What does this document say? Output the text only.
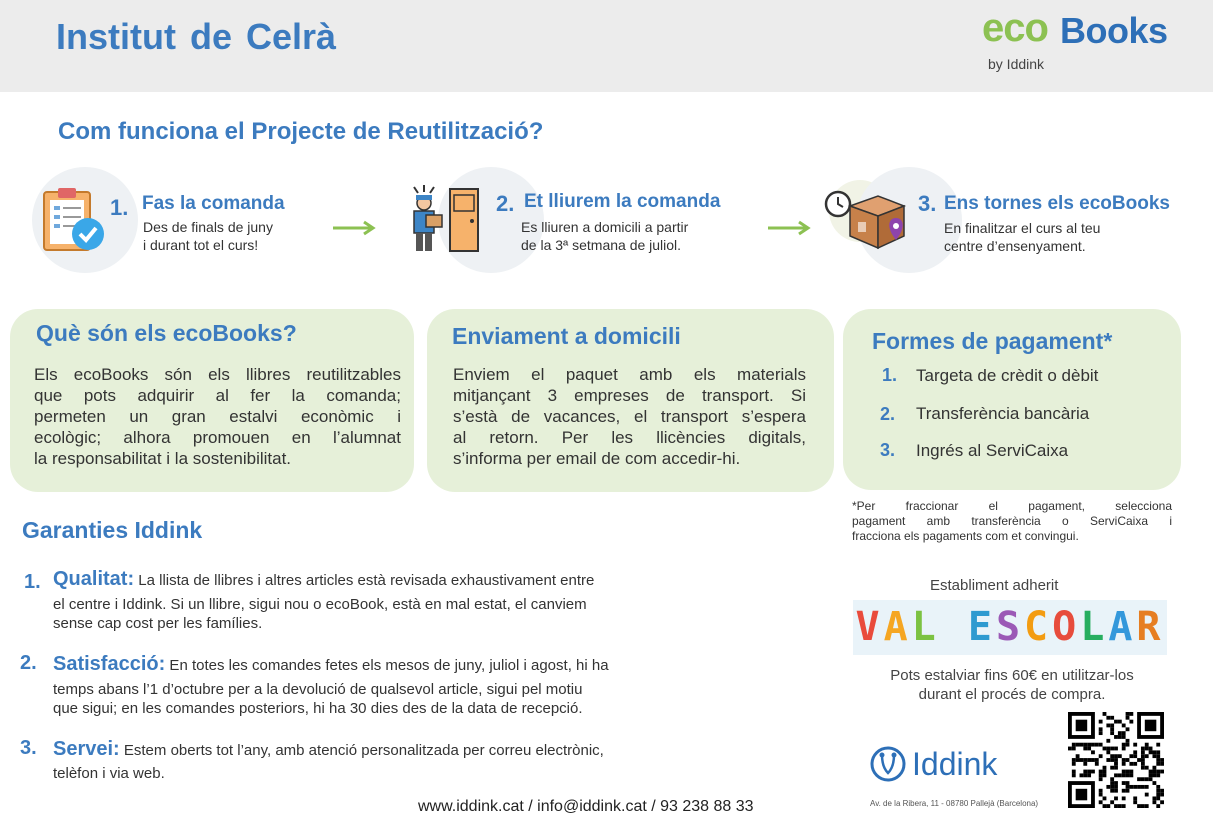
Institut de Celrà	eco Books
by Iddink
Com funciona el Projecte de Reutilització?
1. Fas la comanda
Des de finals de juny
i durant tot el curs!
2. Et lliurem la comanda
Es lliuren a domicili a partir
de la 3ª setmana de juliol.
3. Ens tornes els ecoBooks
En finalitzar el curs al teu
centre d’ensenyament.
Què són els ecoBooks?
Els ecoBooks són els llibres reutilitzables
que pots adquirir al fer la comanda;
permeten un gran estalvi econòmic i
ecològic; alhora promouen en l’alumnat
la responsabilitat i la sostenibilitat.
Enviament a domicili
Enviem el paquet amb els materials
mitjançant 3 empreses de transport. Si
s’està de vacances, el transport s’espera
al retorn. Per les llicències digitals,
s’informa per email de com accedir-hi.
Formes de pagament*
1. Targeta de crèdit o dèbit
2. Transferència bancària
3. Ingrés al ServiCaixa
*Per fraccionar el pagament, selecciona
pagament amb transferència o ServiCaixa i
fracciona els pagaments com et convingui.
Garanties Iddink
1. Qualitat: La llista de llibres i altres articles està revisada exhaustivament entre
el centre i Iddink. Si un llibre, sigui nou o ecoBook, està en mal estat, el canviem
sense cap cost per les famílies.
2. Satisfacció: En totes les comandes fetes els mesos de juny, juliol i agost, hi ha
temps abans l’1 d’octubre per a la devolució de qualsevol article, sigui pel motiu
que sigui; en les comandes posteriors, hi ha 30 dies des de la data de recepció.
3. Servei: Estem oberts tot l’any, amb atenció personalitzada per correu electrònic,
telèfon i via web.
www.iddink.cat / info@iddink.cat / 93 238 88 33
Establiment adherit
VAL ESCOLAR
Pots estalviar fins 60€ en utilitzar-los
durant el procés de compra.
Iddink
Av. de la Ribera, 11 - 08780 Pallejà (Barcelona)
